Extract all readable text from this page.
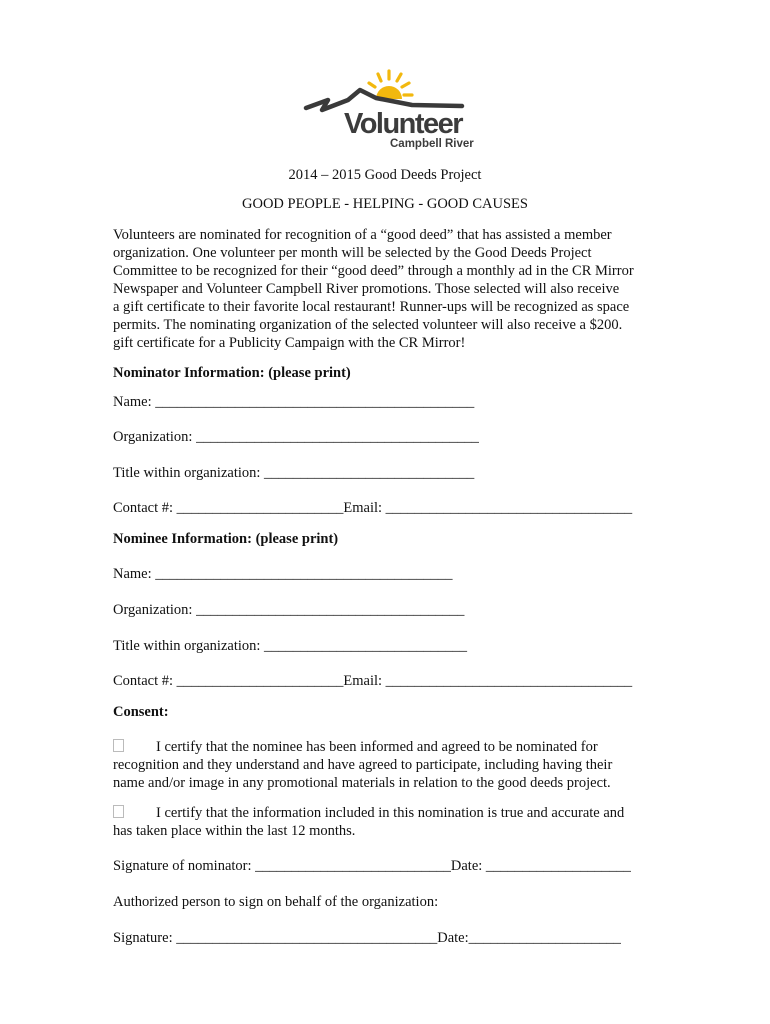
Volunteer
Campbell River
2014 – 2015 Good Deeds Project
GOOD PEOPLE - HELPING - GOOD CAUSES
Volunteers are nominated for recognition of a “good deed” that has assisted a member
organization. One volunteer per month will be selected by the Good Deeds Project
Committee to be recognized for their “good deed” through a monthly ad in the CR Mirror
Newspaper and Volunteer Campbell River promotions. Those selected will also receive
a gift certificate to their favorite local restaurant! Runner-ups will be recognized as space
permits. The nominating organization of the selected volunteer will also receive a $200.
gift certificate for a Publicity Campaign with the CR Mirror!
Nominator Information: (please print)
Name: ____________________________________________
Organization: _______________________________________
Title within organization: _____________________________
Contact #: _______________________Email: __________________________________
Nominee Information: (please print)
Name: _________________________________________
Organization: _____________________________________
Title within organization: ____________________________
Contact #: _______________________Email: __________________________________
Consent:
I certify that the nominee has been informed and agreed to be nominated for
recognition and they understand and have agreed to participate, including having their
name and/or image in any promotional materials in relation to the good deeds project.
I certify that the information included in this nomination is true and accurate and
has taken place within the last 12 months.
Signature of nominator: ___________________________Date: ____________________
Authorized person to sign on behalf of the organization:
Signature: ____________________________________Date:_____________________
